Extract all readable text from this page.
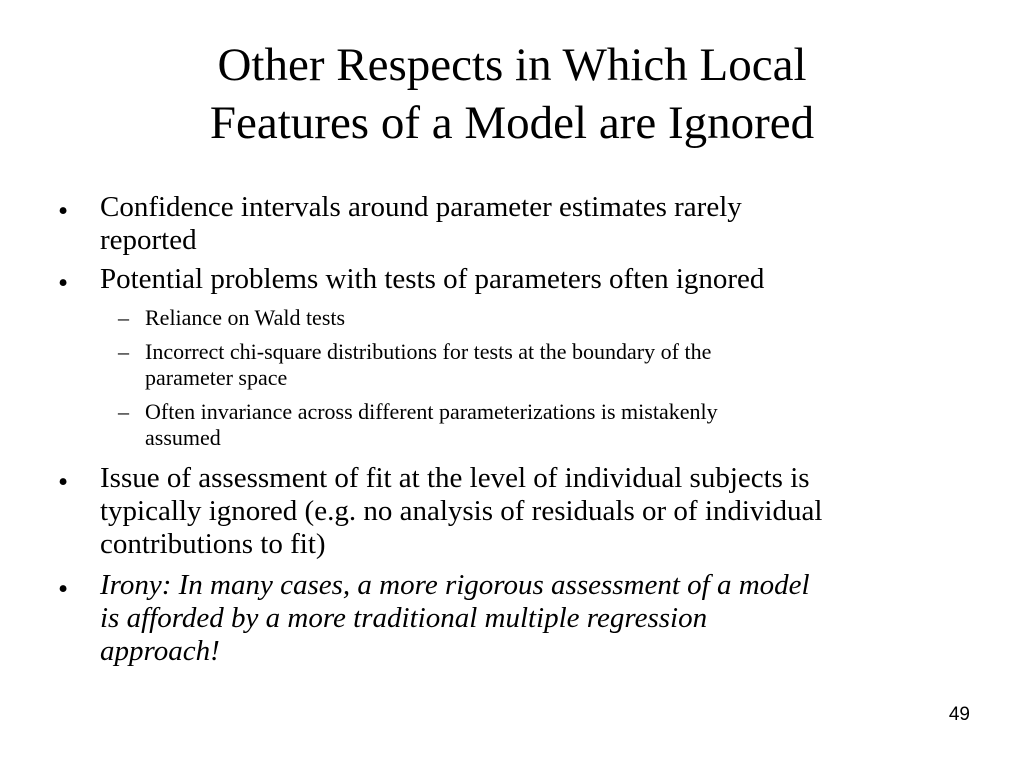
Other Respects in Which Local
Features of a Model are Ignored
• Confidence intervals around parameter estimates rarely
reported
• Potential problems with tests of parameters often ignored
– Reliance on Wald tests
– Incorrect chi-square distributions for tests at the boundary of the
parameter space
– Often invariance across different parameterizations is mistakenly
assumed
• Issue of assessment of fit at the level of individual subjects is
typically ignored (e.g. no analysis of residuals or of individual
contributions to fit)
• Irony: In many cases, a more rigorous assessment of a model
is afforded by a more traditional multiple regression
approach!
49
